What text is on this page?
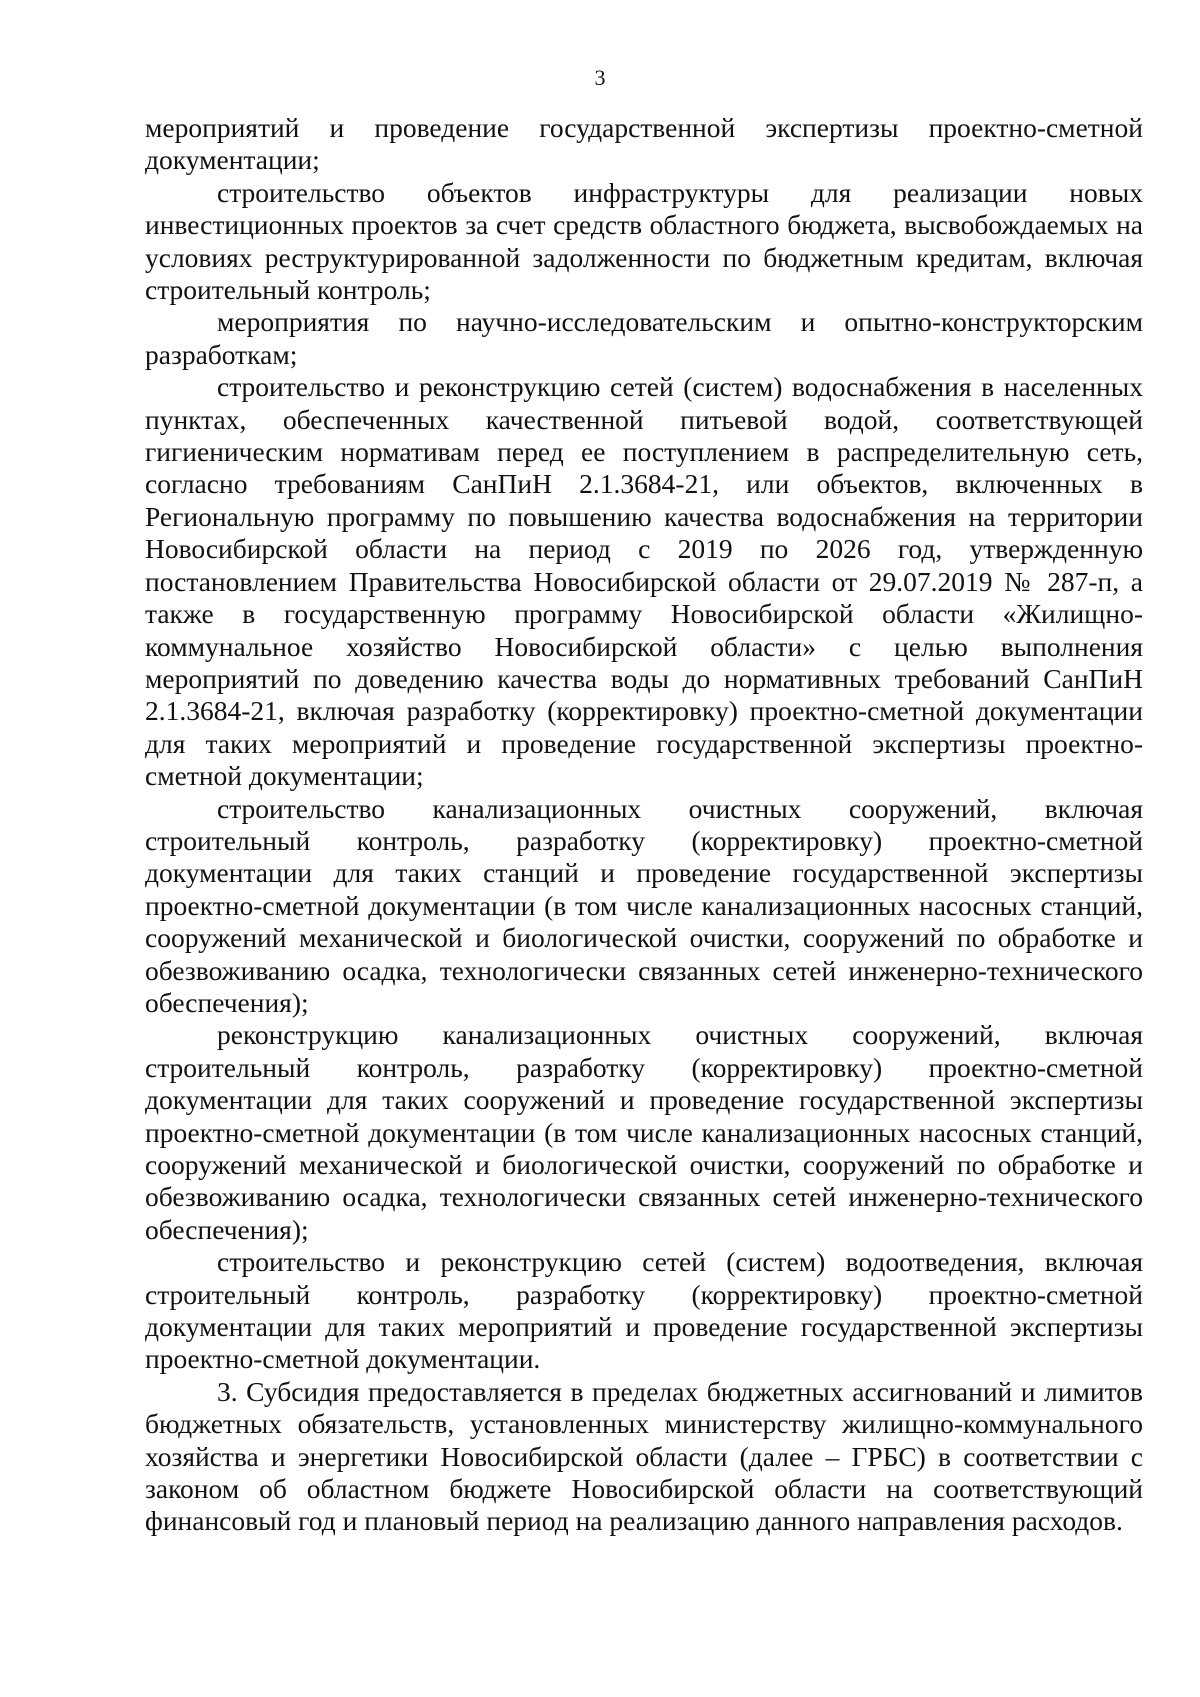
3

мероприятий и проведение государственной экспертизы проектно-сметной документации;

строительство объектов инфраструктуры для реализации новых инвестиционных проектов за счет средств областного бюджета, высвобождаемых на условиях реструктурированной задолженности по бюджетным кредитам, включая строительный контроль;

мероприятия по научно-исследовательским и опытно-конструкторским разработкам;

строительство и реконструкцию сетей (систем) водоснабжения в населенных пунктах, обеспеченных качественной питьевой водой, соответствующей гигиеническим нормативам перед ее поступлением в распределительную сеть, согласно требованиям СанПиН 2.1.3684-21, или объектов, включенных в Региональную программу по повышению качества водоснабжения на территории Новосибирской области на период с 2019 по 2026 год, утвержденную постановлением Правительства Новосибирской области от 29.07.2019 № 287-п, а также в государственную программу Новосибирской области «Жилищно-коммунальное хозяйство Новосибирской области» с целью выполнения мероприятий по доведению качества воды до нормативных требований СанПиН 2.1.3684-21, включая разработку (корректировку) проектно-сметной документации для таких мероприятий и проведение государственной экспертизы проектно-сметной документации;

строительство канализационных очистных сооружений, включая строительный контроль, разработку (корректировку) проектно-сметной документации для таких станций и проведение государственной экспертизы проектно-сметной документации (в том числе канализационных насосных станций, сооружений механической и биологической очистки, сооружений по обработке и обезвоживанию осадка, технологически связанных сетей инженерно-технического обеспечения);

реконструкцию канализационных очистных сооружений, включая строительный контроль, разработку (корректировку) проектно-сметной документации для таких сооружений и проведение государственной экспертизы проектно-сметной документации (в том числе канализационных насосных станций, сооружений механической и биологической очистки, сооружений по обработке и обезвоживанию осадка, технологически связанных сетей инженерно-технического обеспечения);

строительство и реконструкцию сетей (систем) водоотведения, включая строительный контроль, разработку (корректировку) проектно-сметной документации для таких мероприятий и проведение государственной экспертизы проектно-сметной документации.

3. Субсидия предоставляется в пределах бюджетных ассигнований и лимитов бюджетных обязательств, установленных министерству жилищно-коммунального хозяйства и энергетики Новосибирской области (далее – ГРБС) в соответствии с законом об областном бюджете Новосибирской области на соответствующий финансовый год и плановый период на реализацию данного направления расходов.
